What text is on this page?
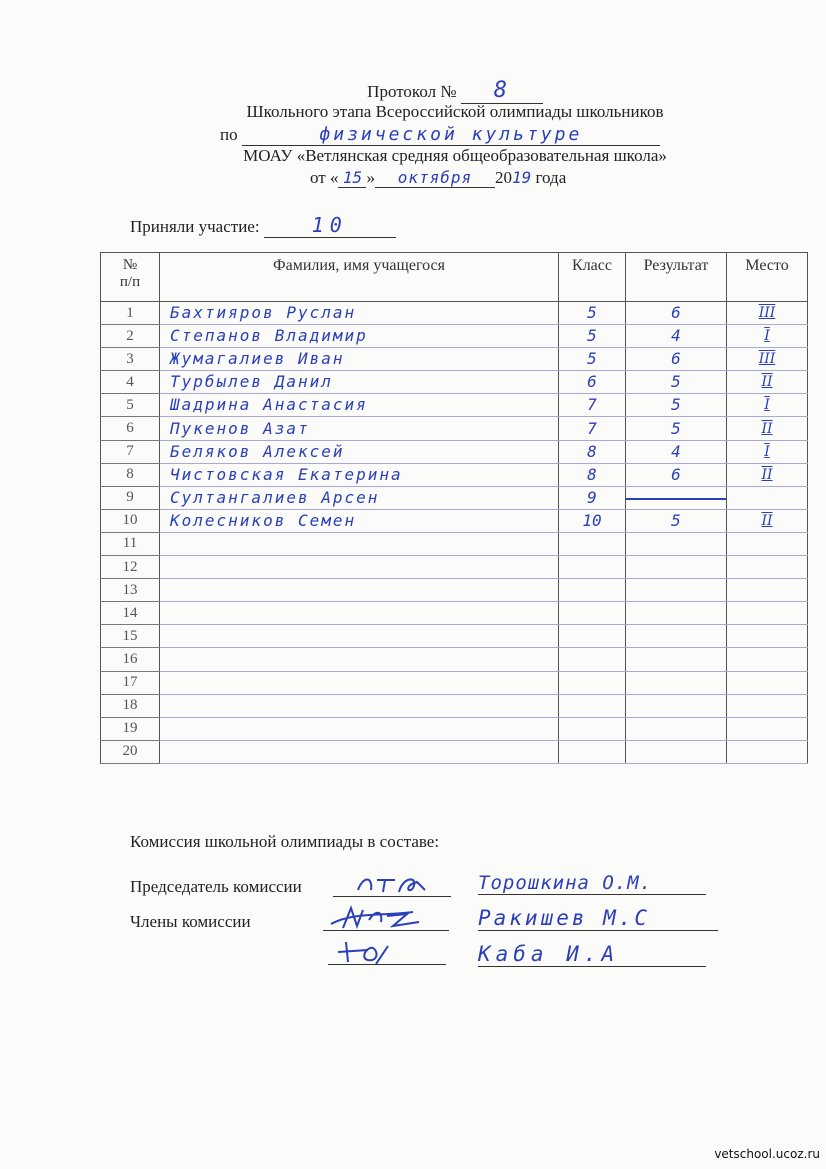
Протокол № 8
Школьного этапа Всероссийской олимпиады школьников
по	физической культуре
МОАУ «Ветлянская средняя общеобразовательная школа»
от « 15 » октября 2019 года
Приняли участие:	10
№
п/п	Фамилия, имя учащегося	Класс	Результат	Место
1	Бахтияров Руслан	5	6	III
2	Степанов Владимир	5	4	I
3	Жумагалиев Иван	5	6	III
4	Турбылев Данил	6	5	II
5	Шадрина Анастасия	7	5	I
6	Пукенов Азат	7	5	II
7	Беляков Алексей	8	4	I
8	Чистовская Екатерина	8	6	II
9	Султангалиев Арсен	9		
10	Колесников Семен	10	5	II
11				
12				
13				
14				
15				
16				
17				
18				
19				
20				
Комиссия школьной олимпиады в составе:
Председатель комиссии	Торошкина О.М.
Члены комиссии	Ракишев М.С
Каба И.А
vetschool.ucoz.ru
